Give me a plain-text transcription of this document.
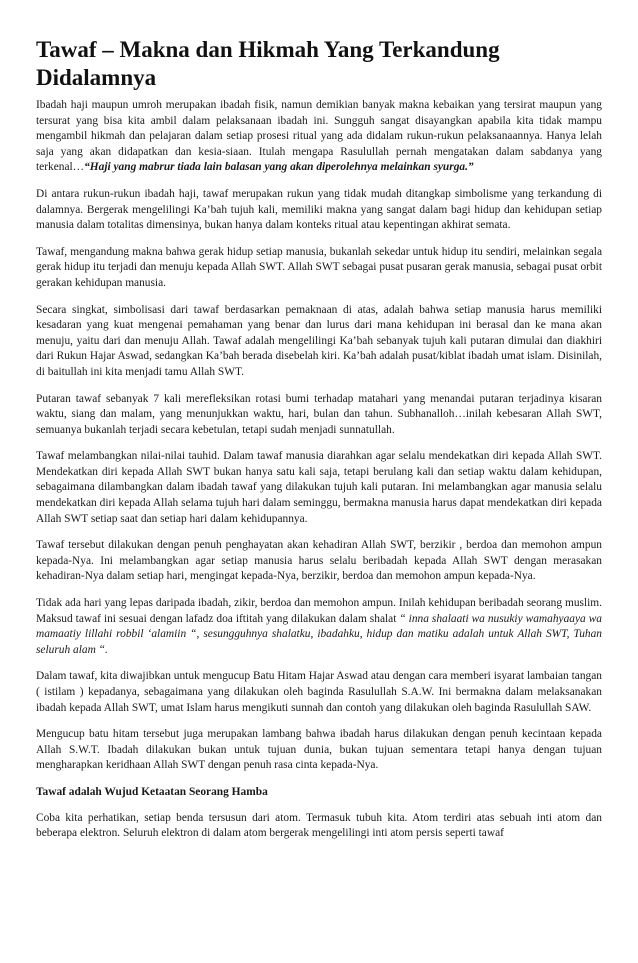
Tawaf – Makna dan Hikmah Yang Terkandung Didalamnya

Ibadah haji maupun umroh merupakan ibadah fisik, namun demikian banyak makna kebaikan yang tersirat maupun yang tersurat yang bisa kita ambil dalam pelaksanaan ibadah ini. Sungguh sangat disayangkan apabila kita tidak mampu mengambil hikmah dan pelajaran dalam setiap prosesi ritual yang ada didalam rukun-rukun pelaksanaannya. Hanya lelah saja yang akan didapatkan dan kesia-siaan. Itulah mengapa Rasulullah pernah mengatakan dalam sabdanya yang terkenal…“Haji yang mabrur tiada lain balasan yang akan diperolehnya melainkan syurga.”

Di antara rukun-rukun ibadah haji, tawaf merupakan rukun yang tidak mudah ditangkap simbolisme yang terkandung di dalamnya. Bergerak mengelilingi Ka’bah tujuh kali, memiliki makna yang sangat dalam bagi hidup dan kehidupan setiap manusia dalam totalitas dimensinya, bukan hanya dalam konteks ritual atau kepentingan akhirat semata.

Tawaf, mengandung makna bahwa gerak hidup setiap manusia, bukanlah sekedar untuk hidup itu sendiri, melainkan segala gerak hidup itu terjadi dan menuju kepada Allah SWT. Allah SWT sebagai pusat pusaran gerak manusia, sebagai pusat orbit gerakan kehidupan manusia.

Secara singkat, simbolisasi dari tawaf berdasarkan pemaknaan di atas, adalah bahwa setiap manusia harus memiliki kesadaran yang kuat mengenai pemahaman yang benar dan lurus dari mana kehidupan ini berasal dan ke mana akan menuju, yaitu dari dan menuju Allah. Tawaf adalah mengelilingi Ka’bah sebanyak tujuh kali putaran dimulai dan diakhiri dari Rukun Hajar Aswad, sedangkan Ka’bah berada disebelah kiri. Ka’bah adalah pusat/kiblat ibadah umat islam. Disinilah, di baitullah ini kita menjadi tamu Allah SWT.

Putaran tawaf sebanyak 7 kali merefleksikan rotasi bumi terhadap matahari yang menandai putaran terjadinya kisaran waktu, siang dan malam, yang menunjukkan waktu, hari, bulan dan tahun. Subhanalloh…inilah kebesaran Allah SWT, semuanya bukanlah terjadi secara kebetulan, tetapi sudah menjadi sunnatullah.

Tawaf melambangkan nilai-nilai tauhid. Dalam tawaf manusia diarahkan agar selalu mendekatkan diri kepada Allah SWT. Mendekatkan diri kepada Allah SWT bukan hanya satu kali saja, tetapi berulang kali dan setiap waktu dalam kehidupan, sebagaimana dilambangkan dalam ibadah tawaf yang dilakukan tujuh kali putaran. Ini melambangkan agar manusia selalu mendekatkan diri kepada Allah selama tujuh hari dalam seminggu, bermakna manusia harus dapat mendekatkan diri kepada Allah SWT setiap saat dan setiap hari dalam kehidupannya.

Tawaf tersebut dilakukan dengan penuh penghayatan akan kehadiran Allah SWT, berzikir , berdoa dan memohon ampun kepada-Nya. Ini melambangkan agar setiap manusia harus selalu beribadah kepada Allah SWT dengan merasakan kehadiran-Nya dalam setiap hari, mengingat kepada-Nya, berzikir, berdoa dan memohon ampun kepada-Nya.

Tidak ada hari yang lepas daripada ibadah, zikir, berdoa dan memohon ampun. Inilah kehidupan beribadah seorang muslim. Maksud tawaf ini sesuai dengan lafadz doa iftitah yang dilakukan dalam shalat “ inna shalaati wa nusukiy wamahyaaya wa mamaatiy lillahi robbil ‘alamiin “, sesungguhnya shalatku, ibadahku, hidup dan matiku adalah untuk Allah SWT, Tuhan seluruh alam “.

Dalam tawaf, kita diwajibkan untuk mengucup Batu Hitam Hajar Aswad atau dengan cara memberi isyarat lambaian tangan ( istilam ) kepadanya, sebagaimana yang dilakukan oleh baginda Rasulullah S.A.W. Ini bermakna dalam melaksanakan ibadah kepada Allah SWT, umat Islam harus mengikuti sunnah dan contoh yang dilakukan oleh baginda Rasulullah SAW.

Mengucup batu hitam tersebut juga merupakan lambang bahwa ibadah harus dilakukan dengan penuh kecintaan kepada Allah S.W.T. Ibadah dilakukan bukan untuk tujuan dunia, bukan tujuan sementara tetapi hanya dengan tujuan mengharapkan keridhaan Allah SWT dengan penuh rasa cinta kepada-Nya.

Tawaf adalah Wujud Ketaatan Seorang Hamba

Coba kita perhatikan, setiap benda tersusun dari atom. Termasuk tubuh kita. Atom terdiri atas sebuah inti atom dan beberapa elektron. Seluruh elektron di dalam atom bergerak mengelilingi inti atom persis seperti tawaf
